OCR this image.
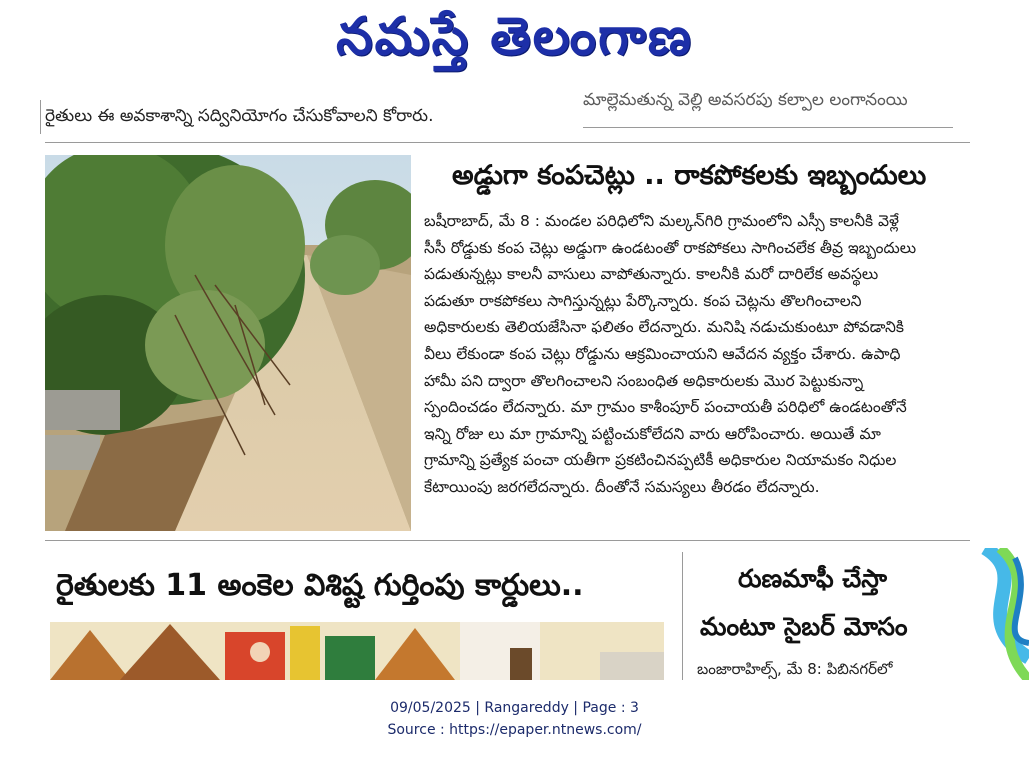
నమస్తే తెలంగాణ
రైతులు ఈ అవకాశాన్ని సద్వినియోగం చేసుకోవాలని కోరారు.
మాల్లెమతున్న వెల్లి అవసరపు కల్పాల లంగానంయి
అడ్డుగా కంపచెట్లు .. రాకపోకలకు ఇబ్బందులు
బషీరాబాద్, మే 8 : మండల పరిధిలోని మల్కన్‌గిరి గ్రామంలోని ఎస్సీ కాలనీకి వెళ్లే
సీసీ రోడ్డుకు కంప చెట్లు అడ్డుగా ఉండటంతో రాకపోకలు సాగించలేక తీవ్ర ఇబ్బందులు
పడుతున్నట్లు కాలనీ వాసులు వాపోతున్నారు. కాలనీకి మరో దారిలేక అవస్థలు
పడుతూ రాకపోకలు సాగిస్తున్నట్లు పేర్కొన్నారు. కంప చెట్లను తొలగించాలని
అధికారులకు తెలియజేసినా ఫలితం లేదన్నారు. మనిషి నడుచుకుంటూ పోవడానికి
వీలు లేకుండా కంప చెట్లు రోడ్డును ఆక్రమించాయని ఆవేదన వ్యక్తం చేశారు. ఉపాధి
హామీ పని ద్వారా తొలగించాలని సంబంధిత అధికారులకు మొర పెట్టుకున్నా
స్పందించడం లేదన్నారు. మా గ్రామం కాశీంపూర్ పంచాయతీ పరిధిలో ఉండటంతోనే
ఇన్ని రోజు లు మా గ్రామాన్ని పట్టించుకోలేదని వారు ఆరోపించారు. అయితే మా
గ్రామాన్ని ప్రత్యేక పంచా యతీగా ప్రకటించినప్పటికీ అధికారుల నియామకం నిధుల
కేటాయింపు జరగలేదన్నారు. దీంతోనే సమస్యలు తీరడం లేదన్నారు.
రైతులకు 11 అంకెల విశిష్ట గుర్తింపు కార్డులు..	రుణమాఫీ చేస్తా
మంటూ సైబర్ మోసం
బంజారాహిల్స్, మే 8: పిబినగర్‌లో
09/05/2025 | Rangareddy | Page : 3
Source : https://epaper.ntnews.com/
